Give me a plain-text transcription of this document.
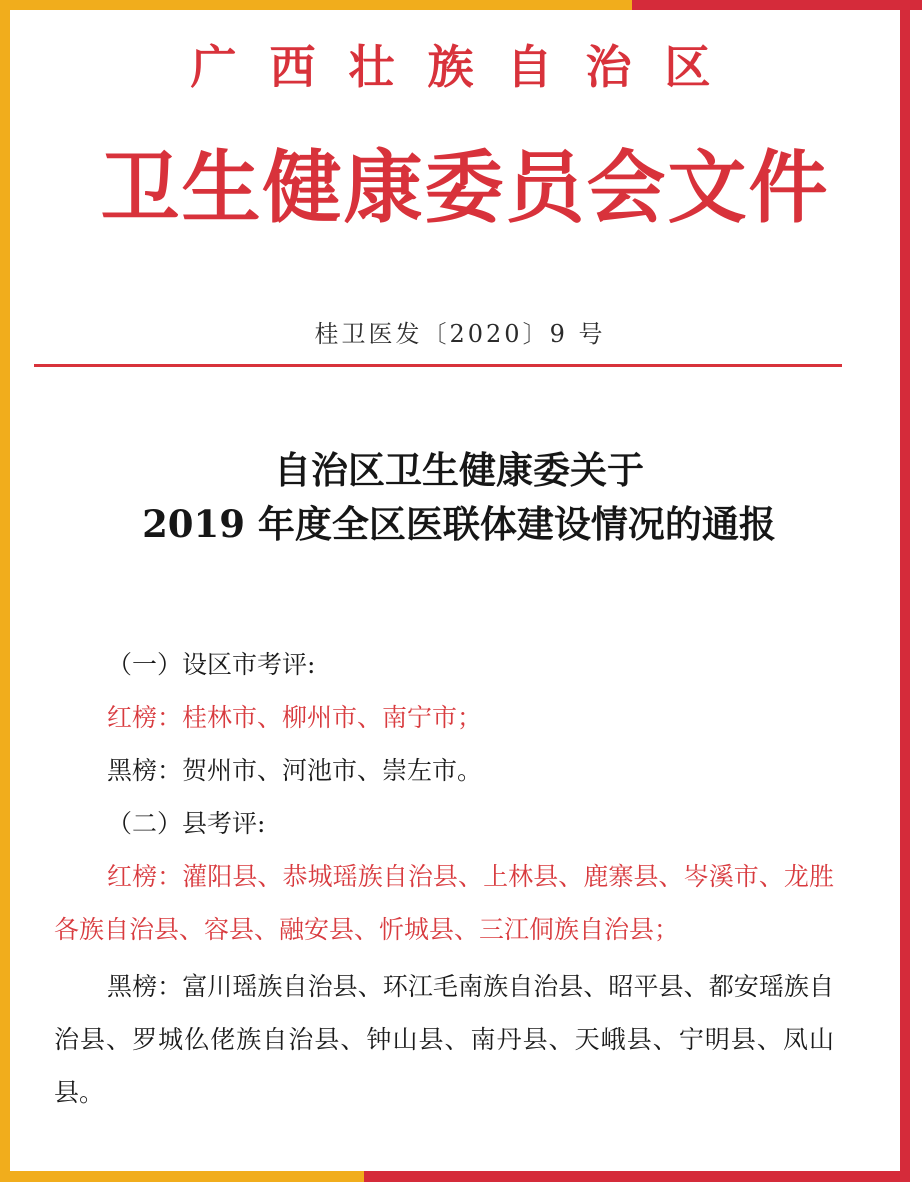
广西壮族自治区
卫生健康委员会文件
桂卫医发〔2020〕9 号
自治区卫生健康委关于
2019 年度全区医联体建设情况的通报
（一）设区市考评:
红榜：桂林市、柳州市、南宁市；
黑榜：贺州市、河池市、崇左市。
（二）县考评:
红榜：灌阳县、恭城瑶族自治县、上林县、鹿寨县、岑溪市、龙胜各族自治县、容县、融安县、忻城县、三江侗族自治县；
黑榜：富川瑶族自治县、环江毛南族自治县、昭平县、都安瑶族自治县、罗城仫佬族自治县、钟山县、南丹县、天峨县、宁明县、凤山县。
